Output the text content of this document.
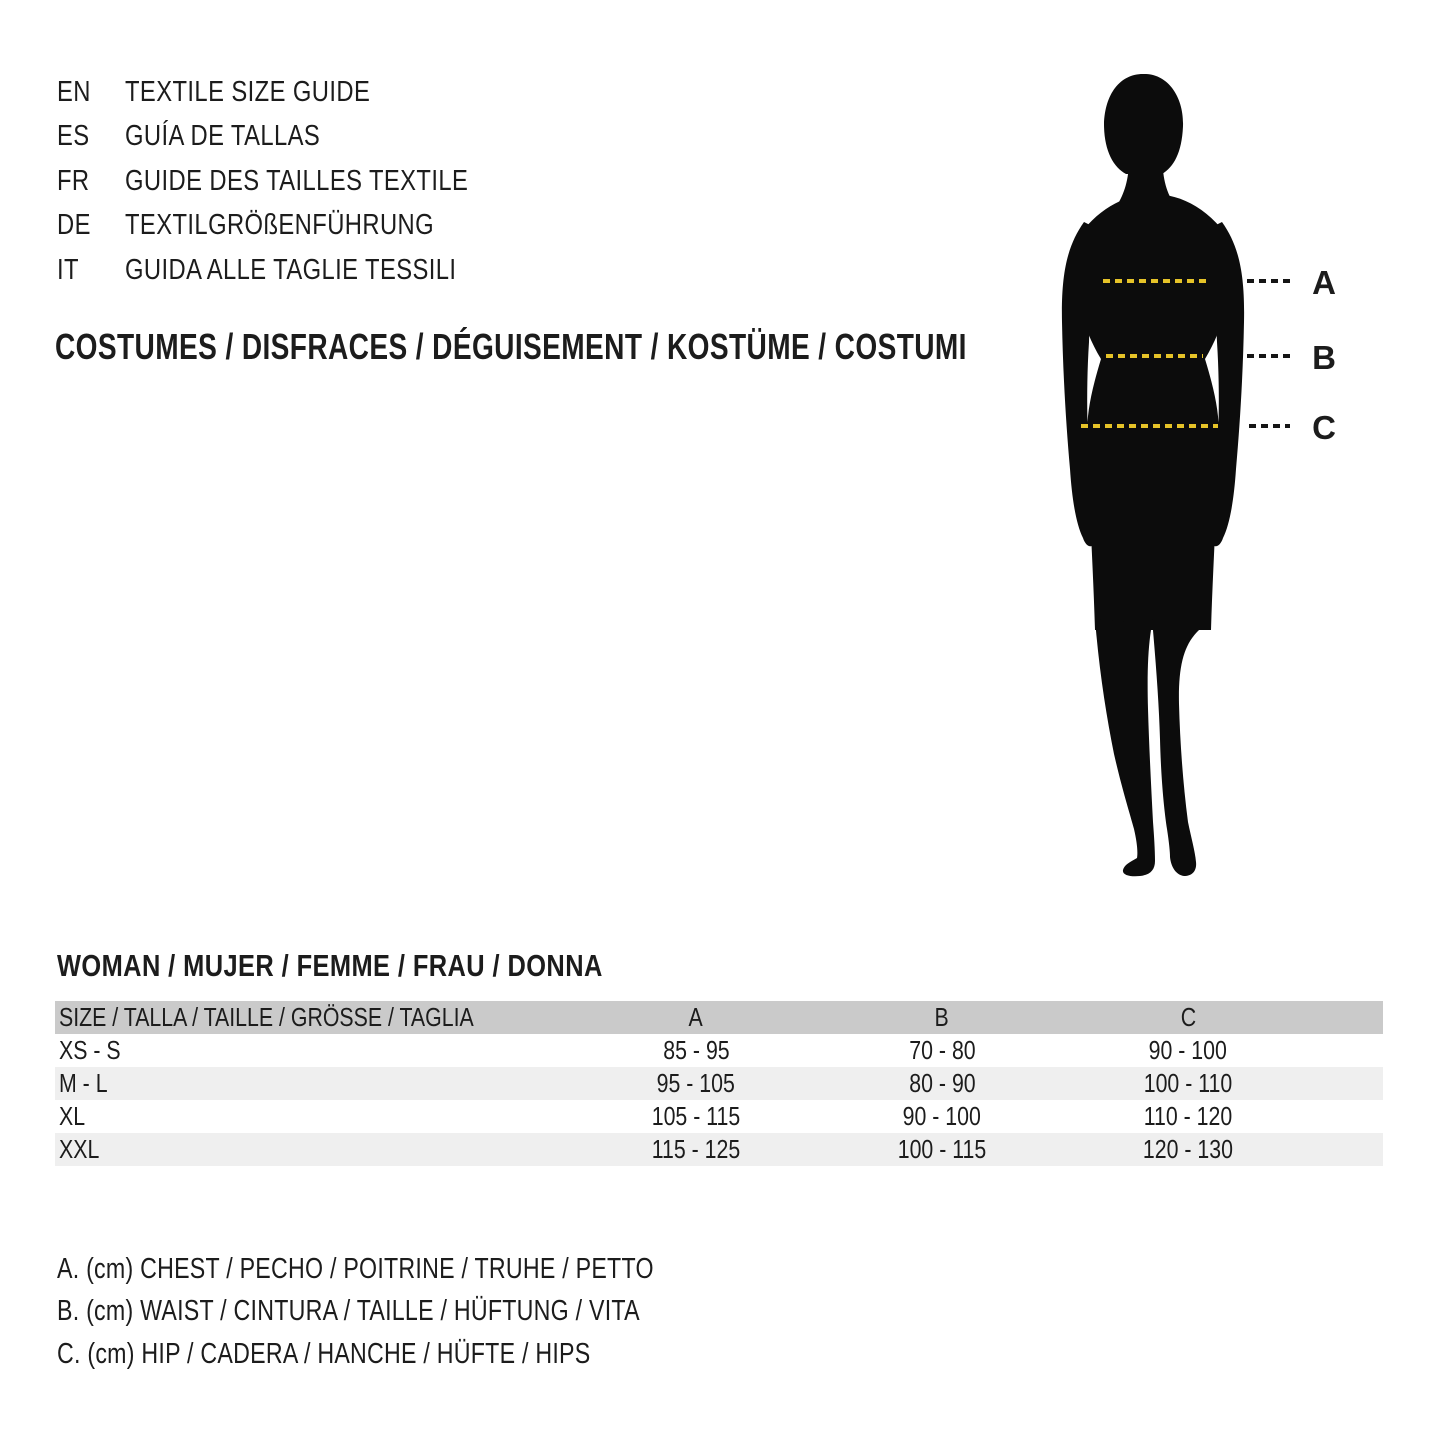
EN	TEXTILE SIZE GUIDE
ES	GUÍA DE TALLAS
FR	GUIDE DES TAILLES TEXTILE
DE	TEXTILGRÖßENFÜHRUNG
IT	GUIDA ALLE TAGLIE TESSILI
COSTUMES / DISFRACES / DÉGUISEMENT / KOSTÜME / COSTUMI
A
B
C
WOMAN / MUJER / FEMME / FRAU / DONNA
SIZE / TALLA / TAILLE / GRÖSSE / TAGLIA	A	B	C	
XS - S	85 - 95	70 - 80	90 - 100	
M - L	95 - 105	80 - 90	100 - 110	
XL	105 - 115	90 - 100	110 - 120	
XXL	115 - 125	100 - 115	120 - 130	
A. (cm) CHEST / PECHO / POITRINE / TRUHE / PETTO
B. (cm) WAIST / CINTURA / TAILLE / HÜFTUNG / VITA
C. (cm) HIP / CADERA / HANCHE / HÜFTE / HIPS
